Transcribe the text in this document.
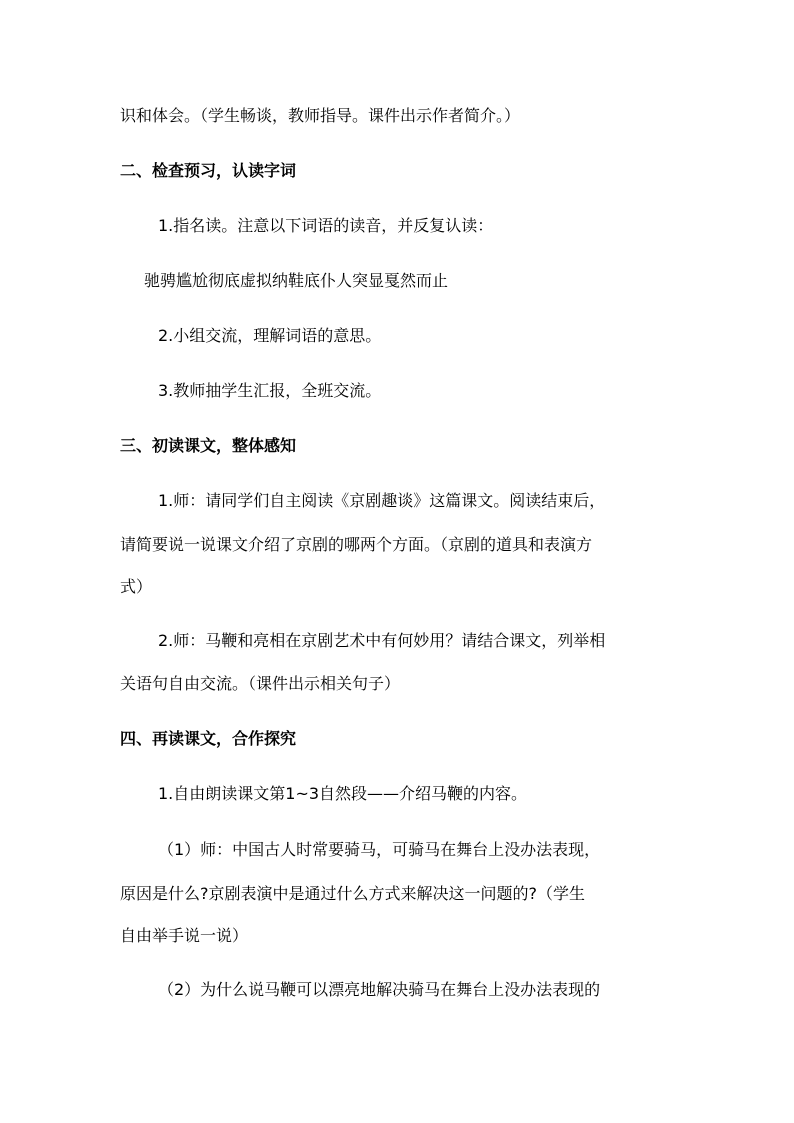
识和体会。（学生畅谈，教师指导。课件出示作者简介。）
二、检查预习，认读字词
1.指名读。注意以下词语的读音，并反复认读：
驰骋尴尬彻底虚拟纳鞋底仆人突显戛然而止
2.小组交流，理解词语的意思。
3.教师抽学生汇报，全班交流。
三、初读课文，整体感知
1.师：请同学们自主阅读《京剧趣谈》这篇课文。阅读结束后，
请简要说一说课文介绍了京剧的哪两个方面。（京剧的道具和表演方
式）
2.师：马鞭和亮相在京剧艺术中有何妙用？请结合课文，列举相
关语句自由交流。（课件出示相关句子）
四、再读课文，合作探究
1.自由朗读课文第1~3自然段——介绍马鞭的内容。
（1）师：中国古人时常要骑马，可骑马在舞台上没办法表现，
原因是什么?京剧表演中是通过什么方式来解决这一问题的?（学生
自由举手说一说）
（2）为什么说马鞭可以漂亮地解决骑马在舞台上没办法表现的
